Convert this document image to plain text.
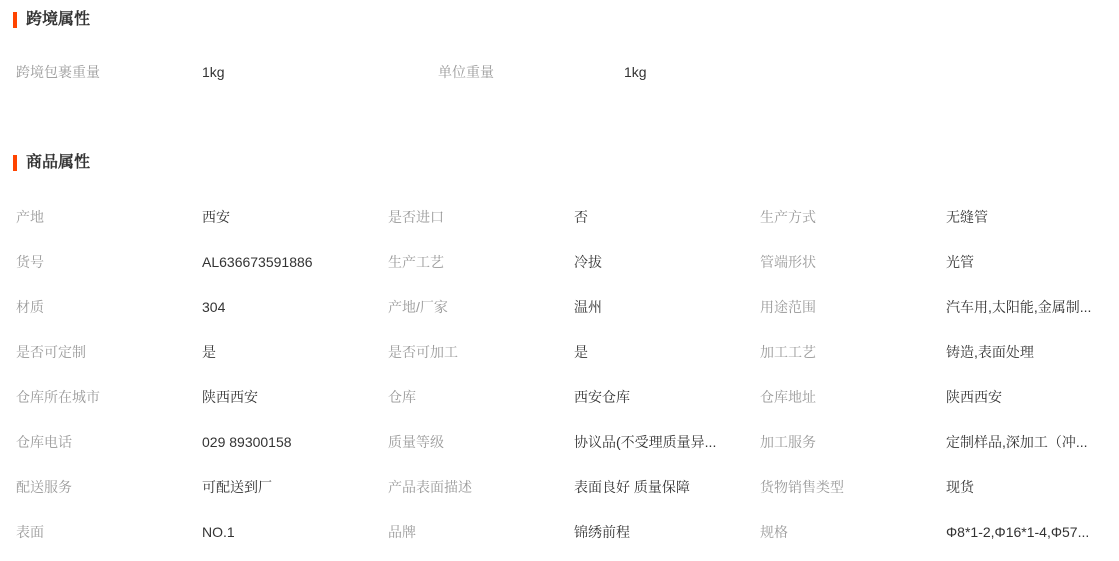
跨境属性
跨境包裹重量	1kg	单位重量	1kg
商品属性
产地	西安	是否进口	否	生产方式	无缝管
货号	AL636673591886	生产工艺	冷拔	管端形状	光管
材质	304	产地/厂家	温州	用途范围	汽车用,太阳能,金属制...
是否可定制	是	是否可加工	是	加工工艺	铸造,表面处理
仓库所在城市	陕西西安	仓库	西安仓库	仓库地址	陕西西安
仓库电话	029 89300158	质量等级	协议品(不受理质量异...	加工服务	定制样品,深加工（冲...
配送服务	可配送到厂	产品表面描述	表面良好 质量保障	货物销售类型	现货
表面	NO.1	品牌	锦绣前程	规格	Φ8*1-2,Φ16*1-4,Φ57...
